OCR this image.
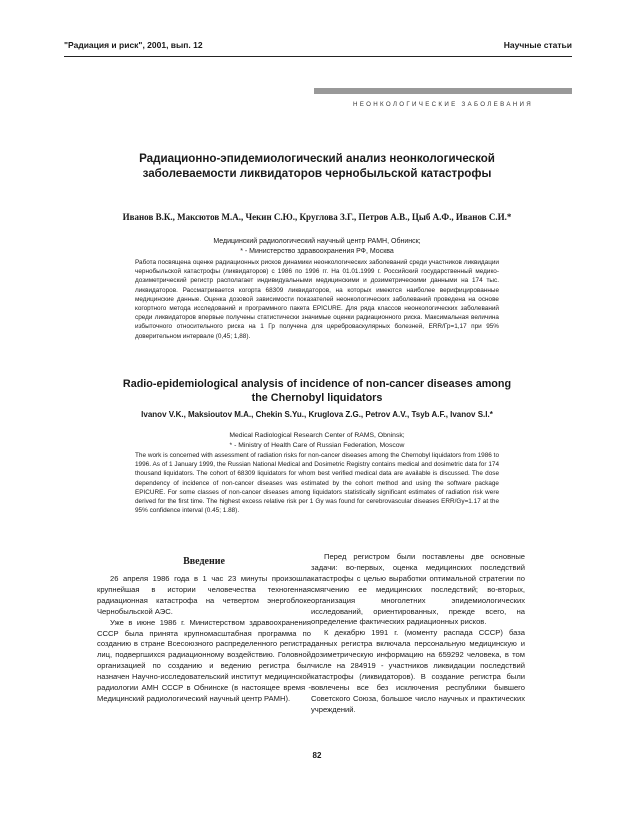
"Радиация и риск", 2001, вып. 12	Научные статьи
НЕОНКОЛОГИЧЕСКИЕ ЗАБОЛЕВАНИЯ
Радиационно-эпидемиологический анализ неонкологической заболеваемости ликвидаторов чернобыльской катастрофы
Иванов В.К., Максютов М.А., Чекин С.Ю., Кругловa З.Г., Петров А.В., Цыб А.Ф., Иванов С.И.*
Медицинский радиологический научный центр РАМН, Обнинск;
* - Министерство здравоохранения РФ, Москва
Работа посвящена оценке радиационных рисков динамики неонкологических заболеваний среди участников ликвидации чернобыльской катастрофы (ликвидаторов) с 1986 по 1996 гг. На 01.01.1999 г. Российский государственный медико-дозиметрический регистр располагает индивидуальными медицинскими и дозиметрическими данными на 174 тыс. ликвидаторов. Рассматривается когорта 68309 ликвидаторов, на которых имеются наиболее верифицированные медицинские данные. Оценка дозовой зависимости показателей неонкологических заболеваний проведена на основе когортного метода исследований и программного пакета EPICURE. Для ряда классов неонкологических заболеваний среди ликвидаторов впервые получены статистически значимые оценки радиационного риска. Максимальная величина избыточного относительного риска на 1 Гр получена для цереброваскулярных болезней, ERR/Гр=1,17 при 95% доверительном интервале (0,45; 1,88).
Radio-epidemiological analysis of incidence of non-cancer diseases among the Chernobyl liquidators
Ivanov V.K., Maksioutov M.A., Chekin S.Yu., Kruglova Z.G., Petrov A.V., Tsyb A.F., Ivanov S.I.*
Medical Radiological Research Center of RAMS, Obninsk;
* - Ministry of Health Care of Russian Federation, Moscow
The work is concerned with assessment of radiation risks for non-cancer diseases among the Chernobyl liquidators from 1986 to 1996. As of 1 January 1999, the Russian National Medical and Dosimetric Registry contains medical and dosimetric data for 174 thousand liquidators. The cohort of 68309 liquidators for whom best verified medical data are available is discussed. The dose dependency of incidence of non-cancer diseases was estimated by the cohort method and using the software package EPICURE. For some classes of non-cancer diseases among liquidators statistically significant estimates of radiation risk were derived for the first time. The highest excess relative risk per 1 Gy was found for cerebrovascular diseases ERR/Gy=1.17 at the 95% confidence interval (0.45; 1.88).
Введение

26 апреля 1986 года в 1 час 23 минуты произошла крупнейшая в истории человечества техногенная радиационная катастрофа на четвертом энергоблоке Чернобыльской АЭС.

Уже в июне 1986 г. Министерством здравоохранения СССР была принята крупномасштабная программа по созданию в стране Всесоюзного распределенного регистра лиц, подвергшихся радиационному воздействию. Головной организацией по созданию и ведению регистра был назначен Научно-исследовательский институт медицинской радиологии АМН СССР в Обнинске (в настоящее время - Медицинский радиологический научный центр РАМН).

Перед регистром были поставлены две основные задачи: во-первых, оценка медицинских последствий катастрофы с целью выработки оптимальной стратегии по смягчению ее медицинских последствий; во-вторых, организация многолетних эпидемиологических исследований, ориентированных, прежде всего, на определение фактических радиационных рисков.

К декабрю 1991 г. (моменту распада СССР) база данных регистра включала персональную медицинскую и дозиметрическую информацию на 659292 человека, в том числе на 284919 - участников ликвидации последствий катастрофы (ликвидаторов). В создание регистра были вовлечены все без исключения республики бывшего Советского Союза, большое число научных и практических учреждений.

82
